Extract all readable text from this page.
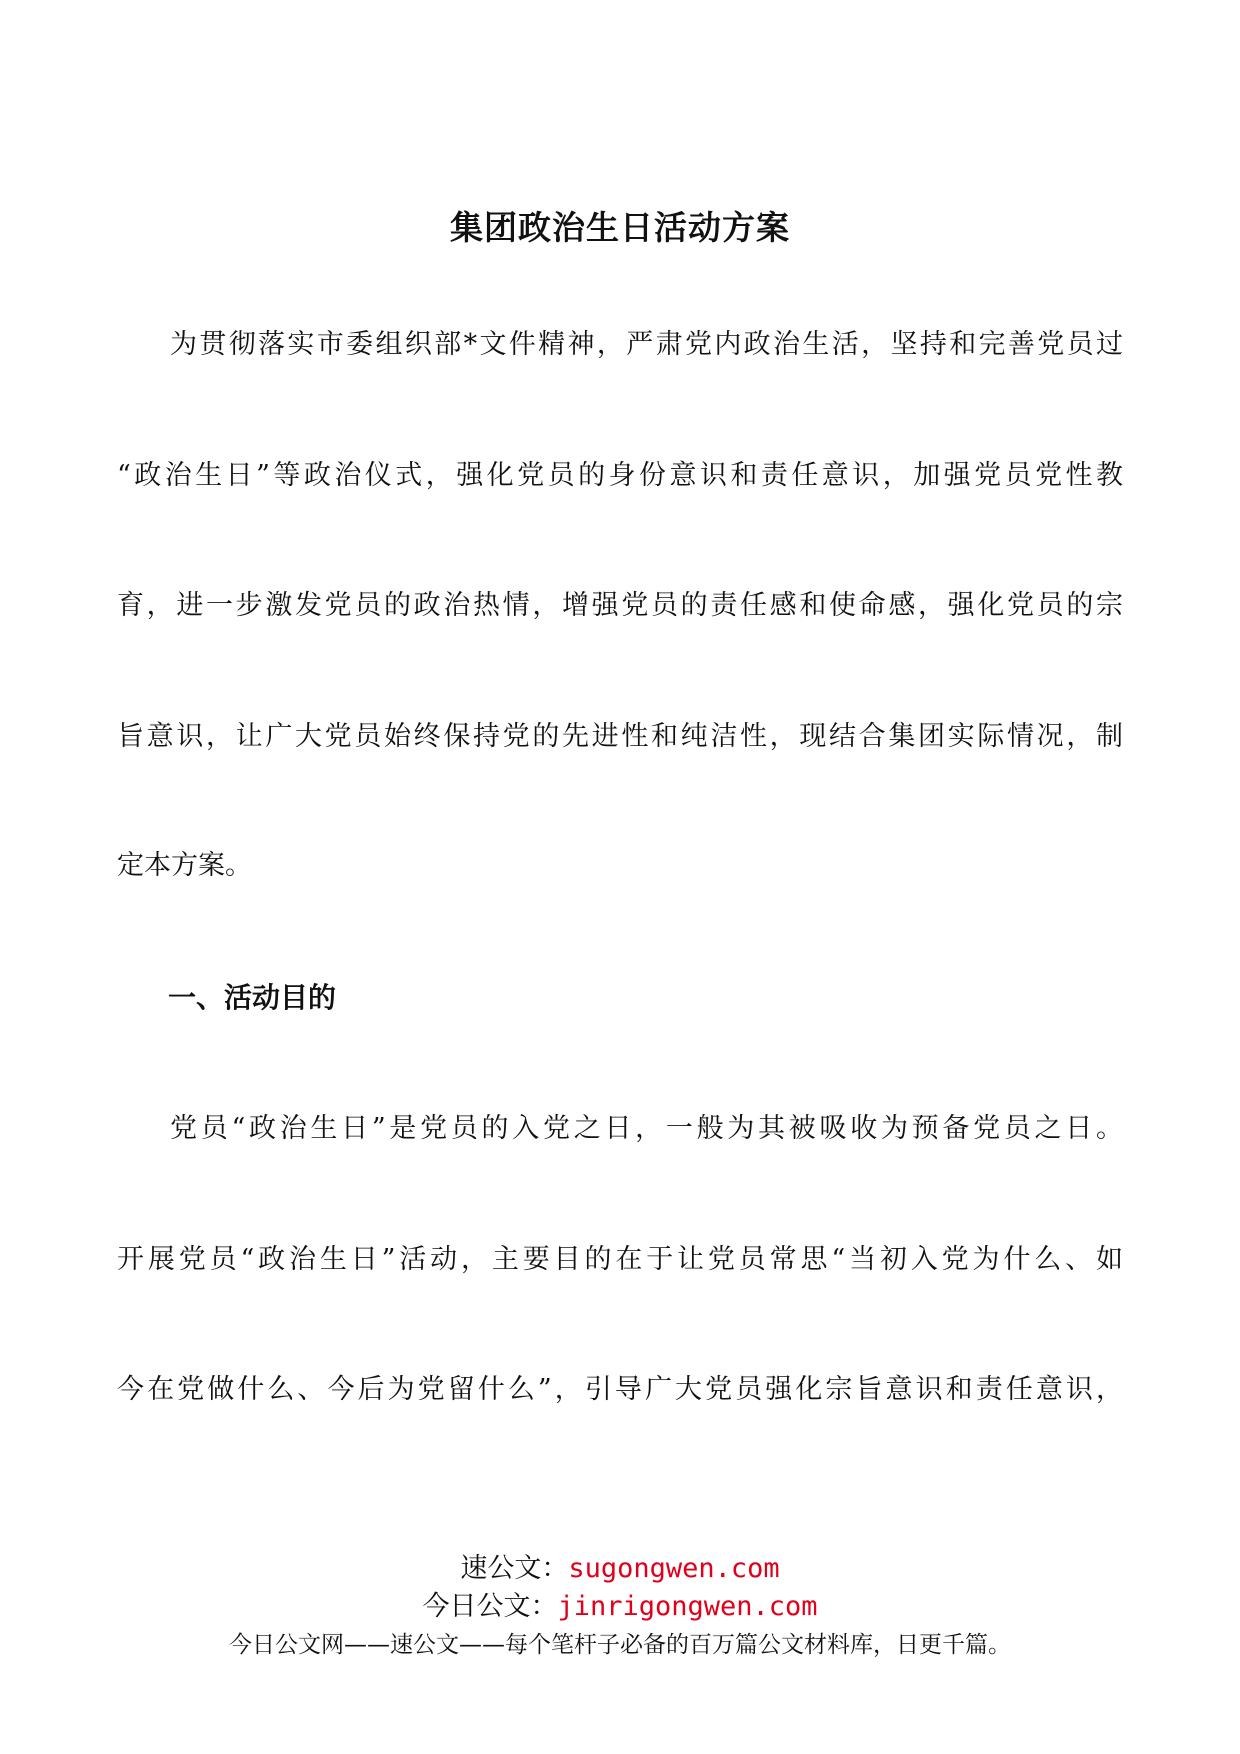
集团政治生日活动方案
为贯彻落实市委组织部*文件精神，严肃党内政治生活，坚持和完善党员过
“政治生日”等政治仪式，强化党员的身份意识和责任意识，加强党员党性教
育，进一步激发党员的政治热情，增强党员的责任感和使命感，强化党员的宗
旨意识，让广大党员始终保持党的先进性和纯洁性，现结合集团实际情况，制
定本方案。
一、活动目的
党员“政治生日”是党员的入党之日，一般为其被吸收为预备党员之日。
开展党员“政治生日”活动，主要目的在于让党员常思“当初入党为什么、如
今在党做什么、今后为党留什么”，引导广大党员强化宗旨意识和责任意识，
速公文：sugongwen.com
今日公文：jinrigongwen.com
今日公文网——速公文——每个笔杆子必备的百万篇公文材料库，日更千篇。
